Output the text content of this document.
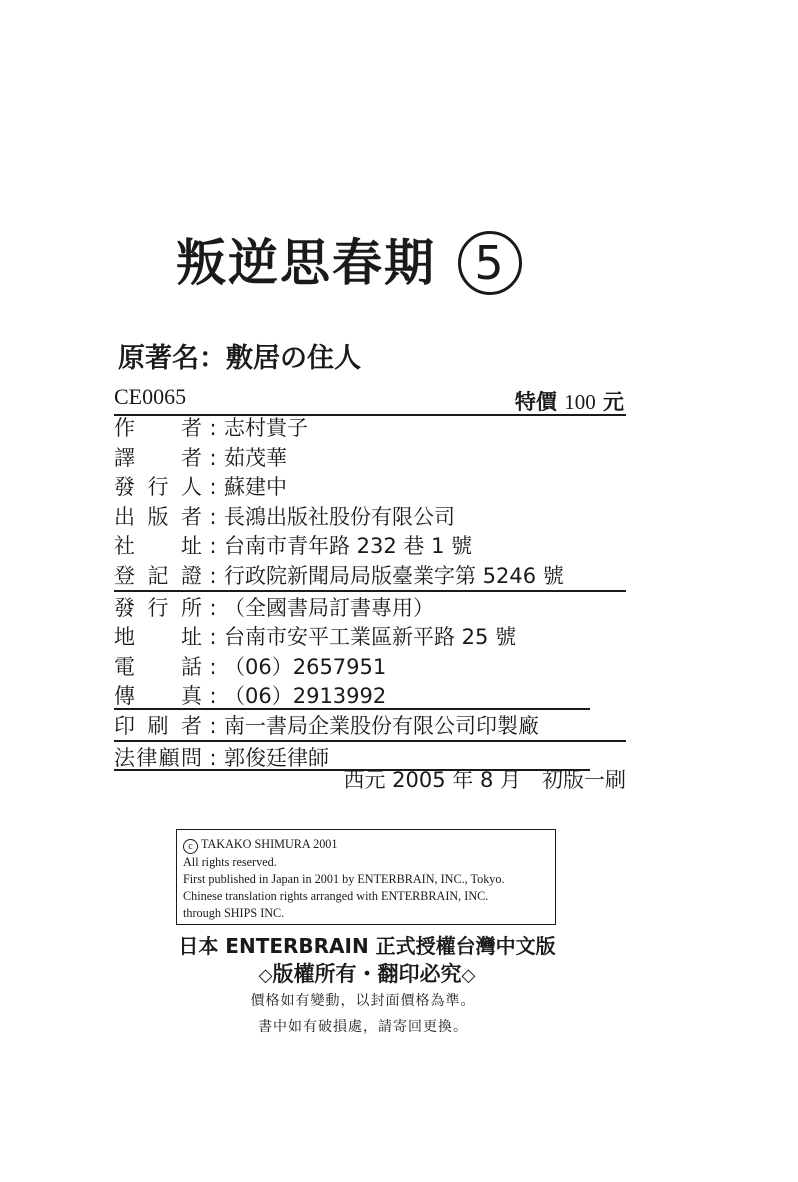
叛逆思春期 5
原著名：敷居の住人
CE0065	特價 100 元
作者 : 志村貴子
譯者 : 茹茂華
發行人 : 蘇建中
出版者 : 長鴻出版社股份有限公司
社址 : 台南市青年路 232 巷 1 號
登記證 : 行政院新聞局局版臺業字第 5246 號
發行所 : （全國書局訂書專用）
地址 : 台南市安平工業區新平路 25 號
電話 : （06）2657951
傳真 : （06）2913992
印刷者 : 南一書局企業股份有限公司印製廠
法律顧問 : 郭俊廷律師
西元 2005 年 8 月　初版一刷
c TAKAKO SHIMURA 2001
All rights reserved.
First published in Japan in 2001 by ENTERBRAIN, INC., Tokyo.
Chinese translation rights arranged with ENTERBRAIN, INC.
through SHIPS INC.
日本 ENTERBRAIN 正式授權台灣中文版
◇版權所有・翻印必究◇
價格如有變動，以封面價格為準。
書中如有破損處，請寄回更換。
